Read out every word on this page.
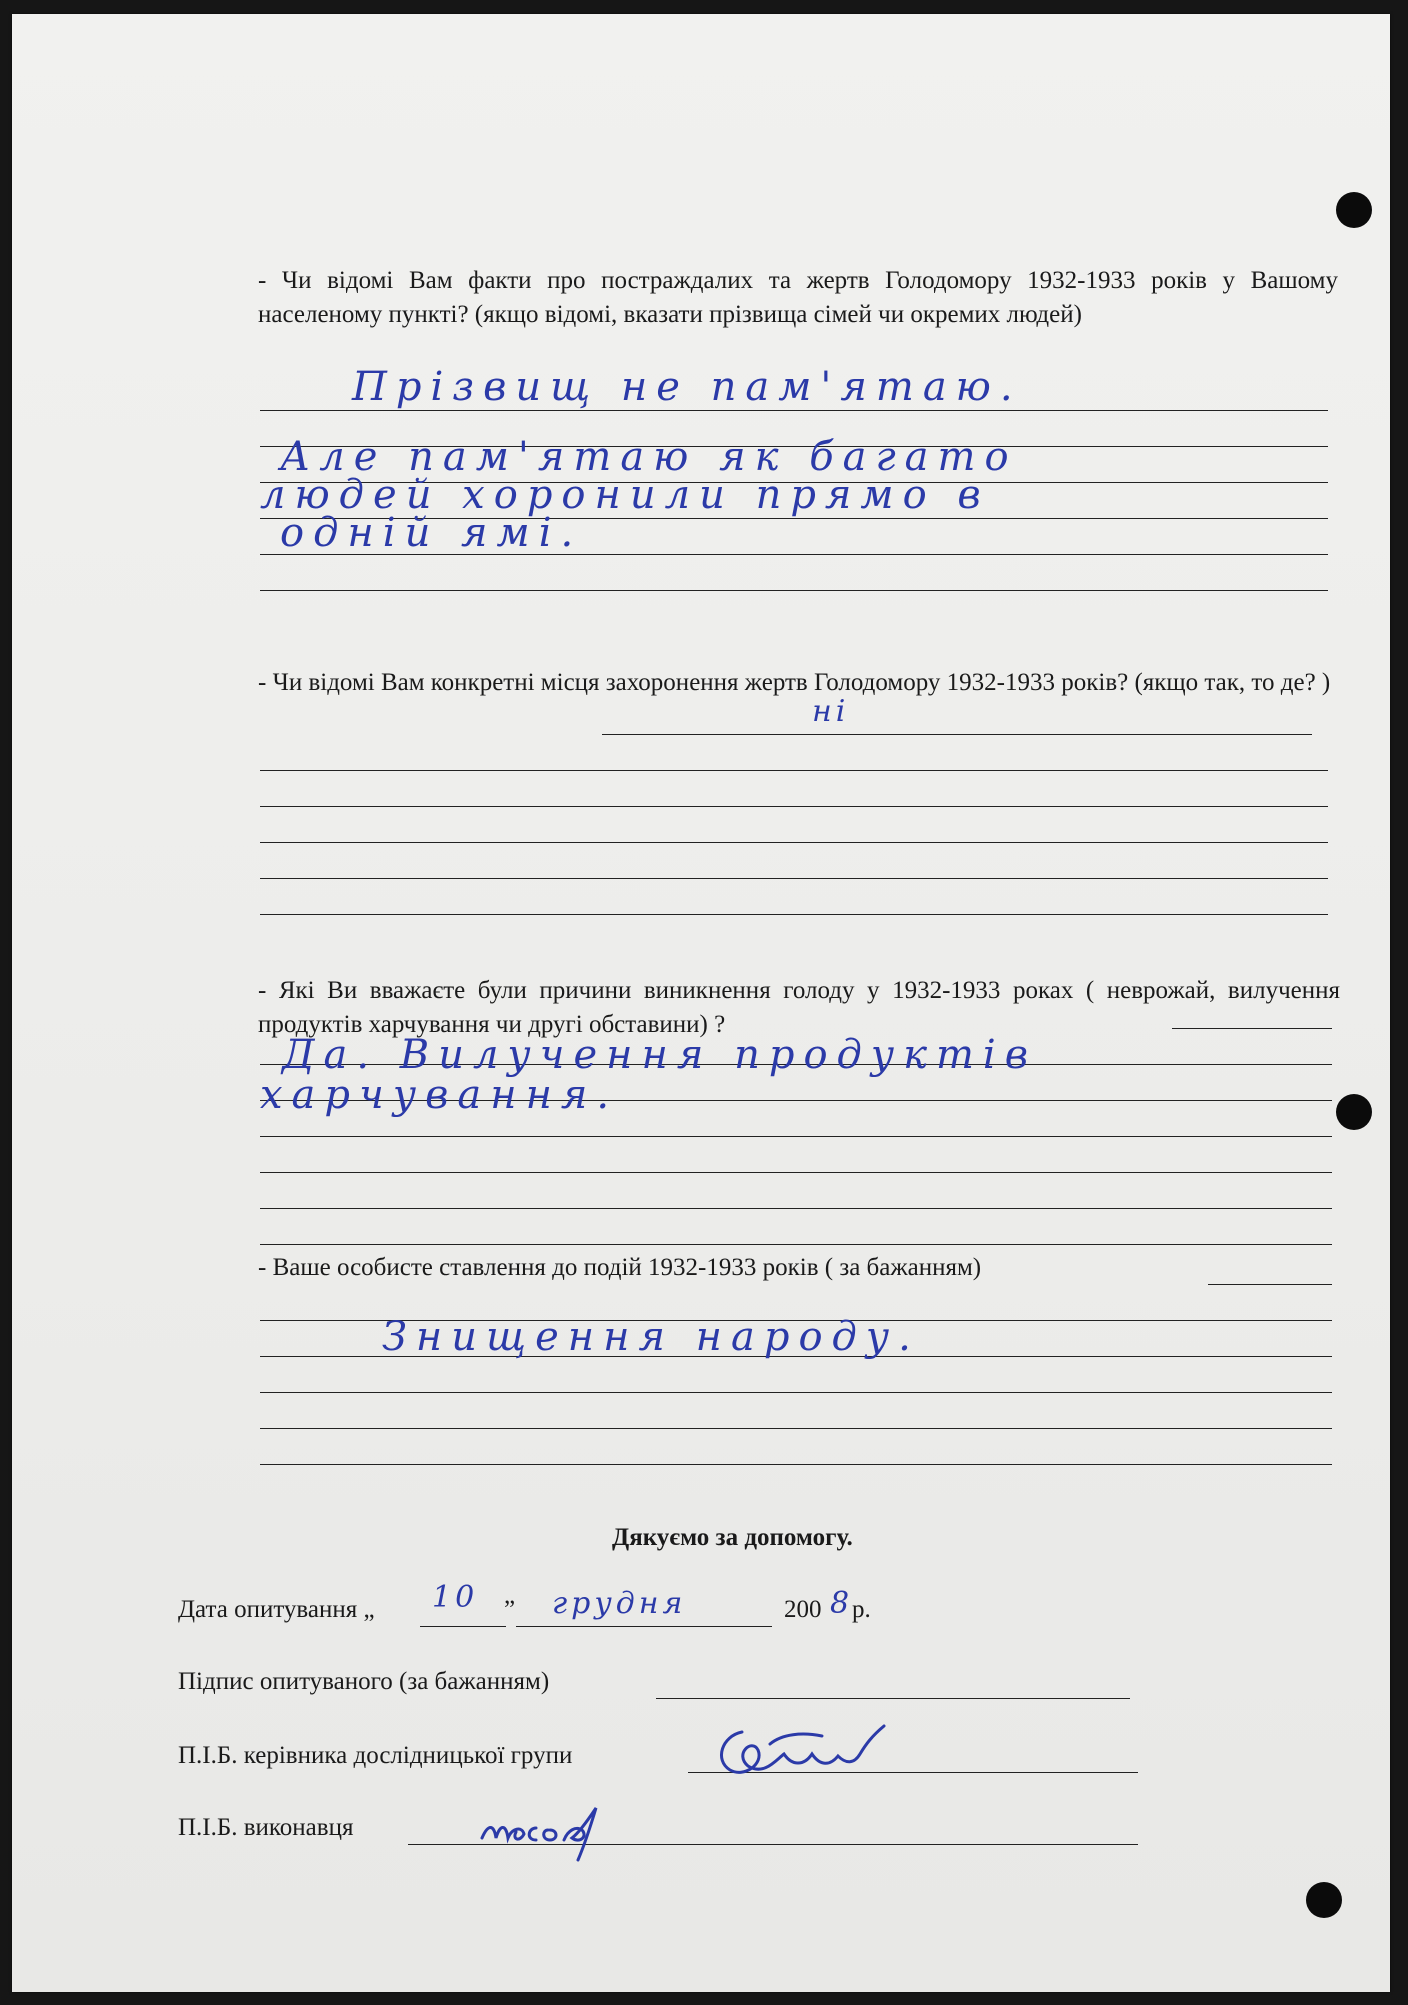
- Чи відомі Вам факти про постраждалих та жертв Голодомору 1932-1933 років у Вашому населеному пункті? (якщо відомі, вказати прізвища сімей чи окремих людей)
Прізвищ не пам'ятаю.
Але пам'ятаю як багато
людей хоронили прямо в
одній ямі.
- Чи відомі Вам конкретні місця захоронення жертв Голодомору 1932-1933 років? (якщо так, то де? )
ні
- Які Ви вважаєте були причини виникнення голоду у 1932-1933 роках ( неврожай, вилучення продуктів харчування чи другі обставини) ?
Да. Вилучення продуктів
харчування.
- Ваше особисте ставлення до подій 1932-1933 років ( за бажанням)
Знищення народу.
Дякуємо за допомогу.
Дата опитування „ 10 ” грудня	200 8
р.
Підпис опитуваного (за бажанням)
П.І.Б. керівника дослідницької групи
П.І.Б. виконавця
